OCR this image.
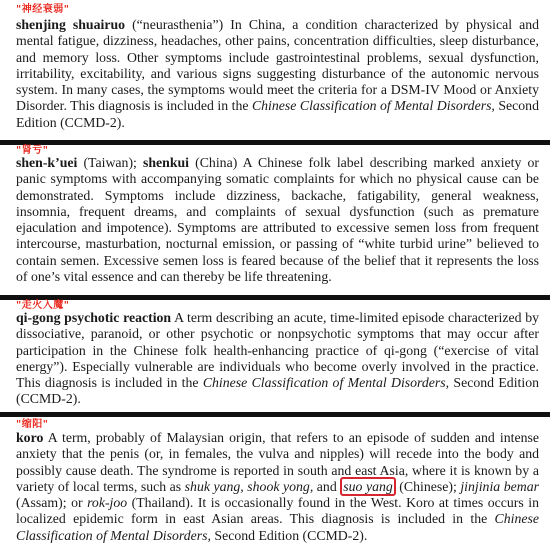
"神经衰弱"

shenjing shuairuo (“neurasthenia”) In China, a condition characterized by physical and mental fatigue, dizziness, headaches, other pains, concentration difficulties, sleep disturbance, and memory loss. Other symptoms include gastrointestinal problems, sexual dysfunction, irritability, excitability, and various signs suggesting disturbance of the autonomic nervous system. In many cases, the symptoms would meet the criteria for a DSM-IV Mood or Anxiety Disorder. This diagnosis is included in the Chinese Classification of Mental Disorders, Second Edition (CCMD-2).

"肾亏"

shen-k’uei (Taiwan); shenkui (China) A Chinese folk label describing marked anxiety or panic symptoms with accompanying somatic complaints for which no physical cause can be demonstrated. Symptoms include dizziness, backache, fatigability, general weakness, insomnia, frequent dreams, and complaints of sexual dysfunction (such as premature ejaculation and impotence). Symptoms are attributed to excessive semen loss from frequent intercourse, masturbation, nocturnal emission, or passing of “white turbid urine” believed to contain semen. Excessive semen loss is feared because of the belief that it represents the loss of one’s vital essence and can thereby be life threatening.

"走火入魔"

qi-gong psychotic reaction A term describing an acute, time-limited episode characterized by dissociative, paranoid, or other psychotic or nonpsychotic symptoms that may occur after participation in the Chinese folk health-enhancing practice of qi-gong (“exercise of vital energy”). Especially vulnerable are individuals who become overly involved in the practice. This diagnosis is included in the Chinese Classification of Mental Disorders, Second Edition (CCMD-2).

"缩阳"

koro A term, probably of Malaysian origin, that refers to an episode of sudden and intense anxiety that the penis (or, in females, the vulva and nipples) will recede into the body and possibly cause death. The syndrome is reported in south and east Asia, where it is known by a variety of local terms, such as shuk yang, shook yong, and suo yang (Chinese); jinjinia bemar (Assam); or rok-joo (Thailand). It is occasionally found in the West. Koro at times occurs in localized epidemic form in east Asian areas. This diagnosis is included in the Chinese Classification of Mental Disorders, Second Edition (CCMD-2).
